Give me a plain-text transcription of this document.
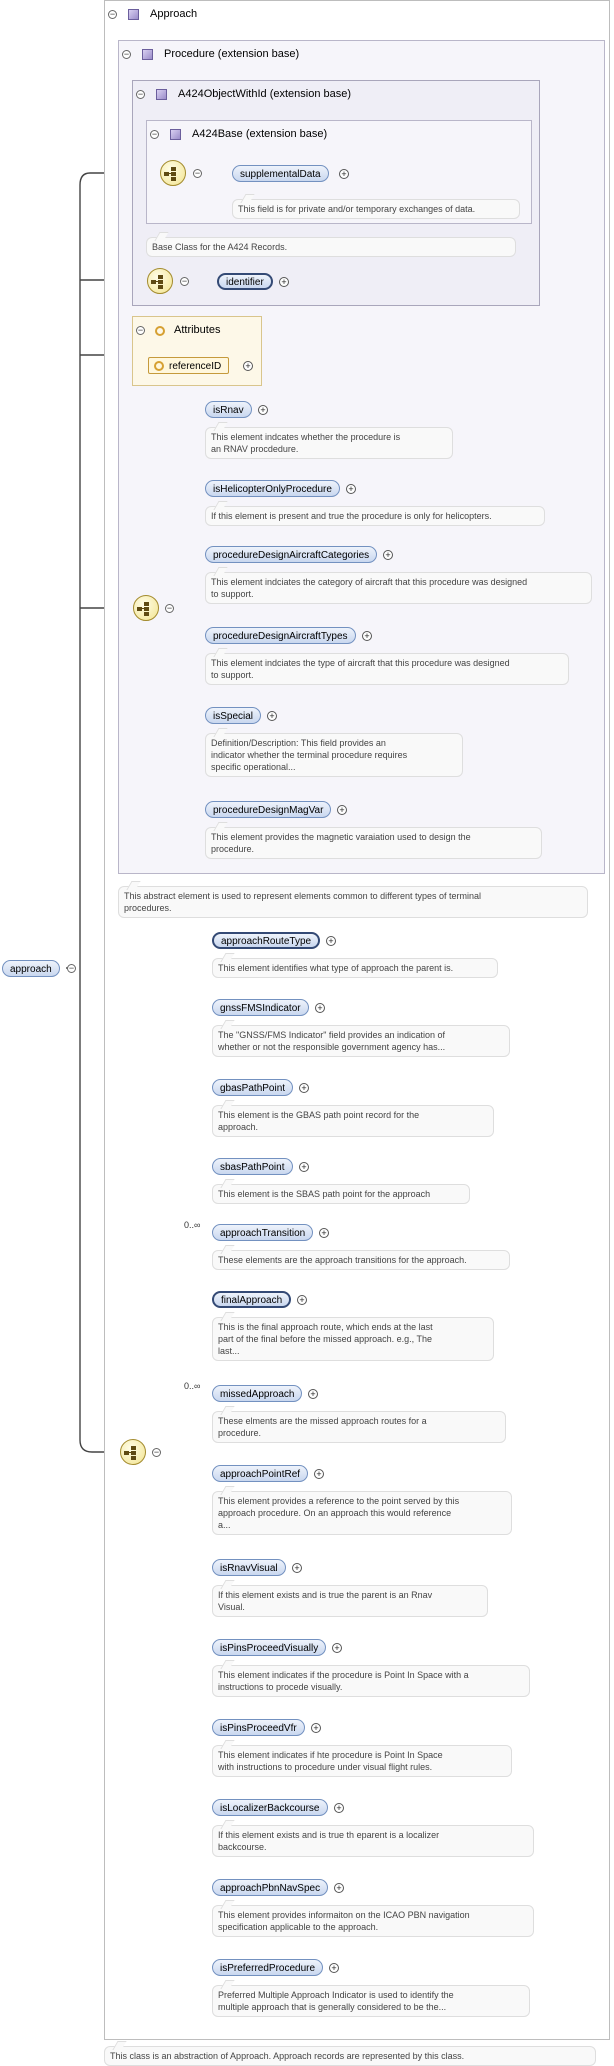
approach	−
−	Approach
−	Procedure (extension base)
−	A424ObjectWithId (extension base)
−	A424Base (extension base)
−	supplementalData	+
This field is for private and/or temporary exchanges of data.
Base Class for the A424 Records.
−	identifier	+
−	Attributes
referenceID	+
−
isRnav	+
This element indcates whether the procedure is
an RNAV procdedure.
isHelicopterOnlyProcedure	+
If this element is present and true the procedure is only for helicopters.
procedureDesignAircraftCategories	+
This element indciates the category of aircraft that this procedure was designed
to support.
procedureDesignAircraftTypes	+
This element indciates the type of aircraft that this procedure was designed
to support.
isSpecial	+
Definition/Description: This field provides an
indicator whether the terminal procedure requires
specific operational...
procedureDesignMagVar	+
This element provides the magnetic varaiation used to design the
procedure.
This abstract element is used to represent elements common to different types of terminal
procedures.
−
approachRouteType	+
This element identifies what type of approach the parent is.
gnssFMSIndicator	+
The "GNSS/FMS Indicator" field provides an indication of
whether or not the responsible government agency has...
gbasPathPoint	+
This element is the GBAS path point record for the
approach.
sbasPathPoint	+
This element is the SBAS path point for the approach
approachTransition	+
0..∞
These elements are the approach transitions for the approach.
finalApproach	+
This is the final approach route, which ends at the last
part of the final before the missed approach. e.g., The
last...
missedApproach	+
0..∞
These elments are the missed approach routes for a
procedure.
approachPointRef	+
This element provides a reference to the point served by this
approach procedure. On an approach this would reference
a...
isRnavVisual	+
If this element exists and is true the parent is an Rnav
Visual.
isPinsProceedVisually	+
This element indicates if the procedure is Point In Space with a
instructions to procede visually.
isPinsProceedVfr	+
This element indicates if hte procedure is Point In Space
with instructions to procedure under visual flight rules.
isLocalizerBackcourse	+
If this element exists and is true th eparent is a localizer
backcourse.
approachPbnNavSpec	+
This element provides informaiton on the ICAO PBN navigation
specification applicable to the approach.
isPreferredProcedure	+
Preferred Multiple Approach Indicator is used to identify the
multiple approach that is generally considered to be the...
This class is an abstraction of Approach. Approach records are represented by this class.
